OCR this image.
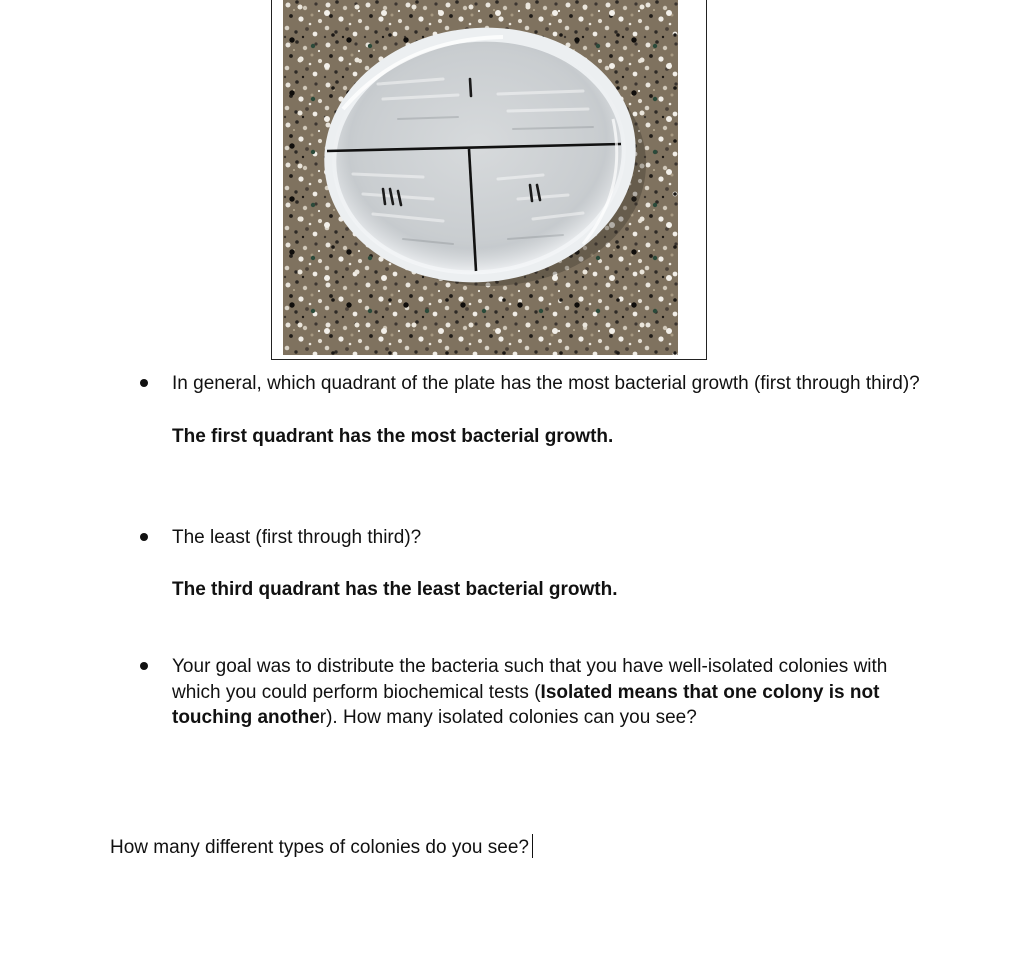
In general, which quadrant of the plate has the most bacterial growth (first through third)?
The first quadrant has the most bacterial growth.
The least (first through third)?
The third quadrant has the least bacterial growth.
Your goal was to distribute the bacteria such that you have well-isolated colonies with which you could perform biochemical tests (Isolated means that one colony is not touching another). How many isolated colonies can you see?
How many different types of colonies do you see?
